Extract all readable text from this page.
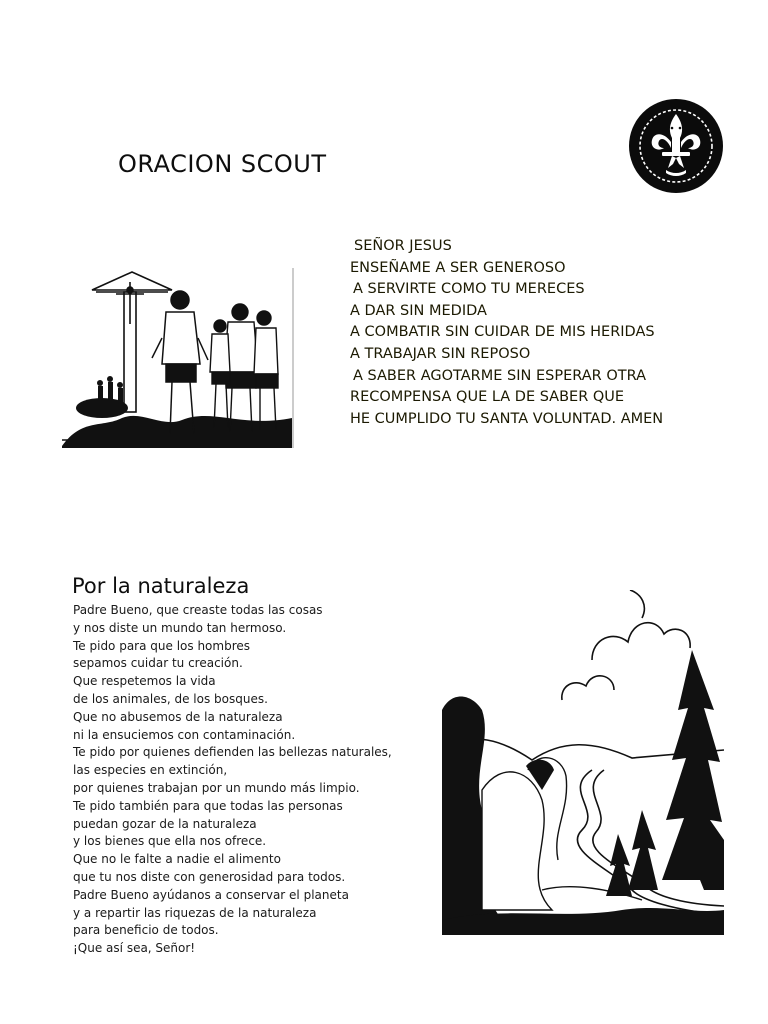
ORACION SCOUT
SEÑOR JESUS
ENSEÑAME A SER GENEROSO
A SERVIRTE COMO TU MERECES
A DAR SIN MEDIDA
A COMBATIR SIN CUIDAR DE MIS HERIDAS
A TRABAJAR SIN REPOSO
A SABER AGOTARME SIN ESPERAR OTRA
RECOMPENSA QUE LA DE SABER QUE
HE CUMPLIDO TU SANTA VOLUNTAD. AMEN
Por la naturaleza
Padre Bueno, que creaste todas las cosas
y nos diste un mundo tan hermoso.
Te pido para que los hombres
sepamos cuidar tu creación.
Que respetemos la vida
de los animales, de los bosques.
Que no abusemos de la naturaleza
ni la ensuciemos con contaminación.
Te pido por quienes defienden las bellezas naturales,
las especies en extinción,
por quienes trabajan por un mundo más limpio.
Te pido también para que todas las personas
puedan gozar de la naturaleza
y los bienes que ella nos ofrece.
Que no le falte a nadie el alimento
que tu nos diste con generosidad para todos.
Padre Bueno ayúdanos a conservar el planeta
y a repartir las riquezas de la naturaleza
para beneficio de todos.
¡Que así sea, Señor!
